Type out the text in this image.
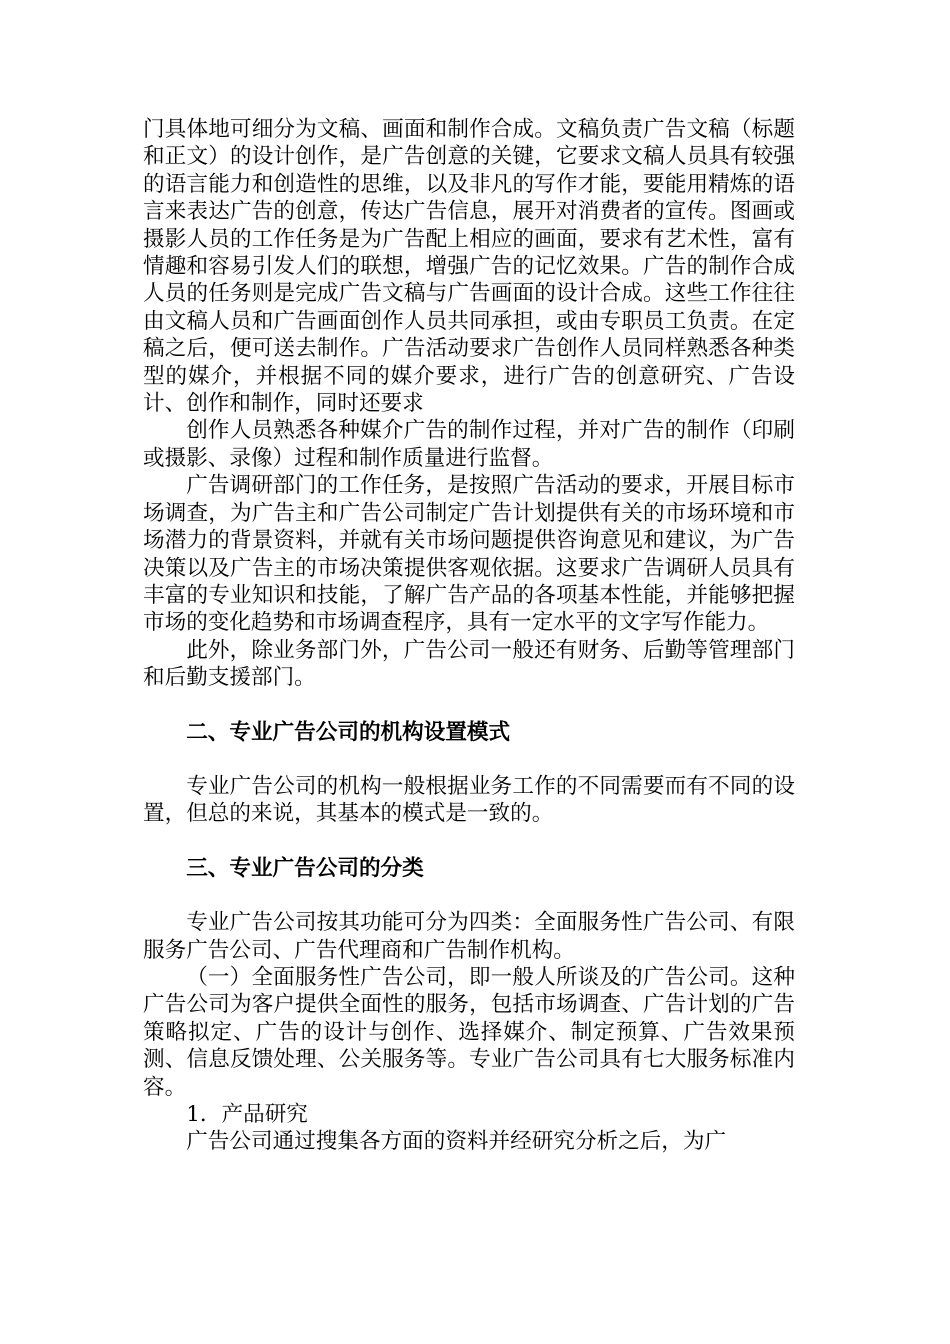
门具体地可细分为文稿、画面和制作合成。文稿负责广告文稿（标题和正文）的设计创作，是广告创意的关键，它要求文稿人员具有较强的语言能力和创造性的思维，以及非凡的写作才能，要能用精炼的语言来表达广告的创意，传达广告信息，展开对消费者的宣传。图画或摄影人员的工作任务是为广告配上相应的画面，要求有艺术性，富有情趣和容易引发人们的联想，增强广告的记忆效果。广告的制作合成人员的任务则是完成广告文稿与广告画面的设计合成。这些工作往往由文稿人员和广告画面创作人员共同承担，或由专职员工负责。在定稿之后，便可送去制作。广告活动要求广告创作人员同样熟悉各种类型的媒介，并根据不同的媒介要求，进行广告的创意研究、广告设计、创作和制作，同时还要求

创作人员熟悉各种媒介广告的制作过程，并对广告的制作（印刷或摄影、录像）过程和制作质量进行监督。

广告调研部门的工作任务，是按照广告活动的要求，开展目标市场调查，为广告主和广告公司制定广告计划提供有关的市场环境和市场潜力的背景资料，并就有关市场问题提供咨询意见和建议，为广告决策以及广告主的市场决策提供客观依据。这要求广告调研人员具有丰富的专业知识和技能，了解广告产品的各项基本性能，并能够把握市场的变化趋势和市场调查程序，具有一定水平的文字写作能力。

此外，除业务部门外，广告公司一般还有财务、后勤等管理部门和后勤支援部门。

二、专业广告公司的机构设置模式

专业广告公司的机构一般根据业务工作的不同需要而有不同的设置，但总的来说，其基本的模式是一致的。

三、专业广告公司的分类

专业广告公司按其功能可分为四类：全面服务性广告公司、有限服务广告公司、广告代理商和广告制作机构。

（一）全面服务性广告公司，即一般人所谈及的广告公司。这种广告公司为客户提供全面性的服务，包括市场调查、广告计划的广告策略拟定、广告的设计与创作、选择媒介、制定预算、广告效果预测、信息反馈处理、公关服务等。专业广告公司具有七大服务标准内容。

1．产品研究

广告公司通过搜集各方面的资料并经研究分析之后，为广
